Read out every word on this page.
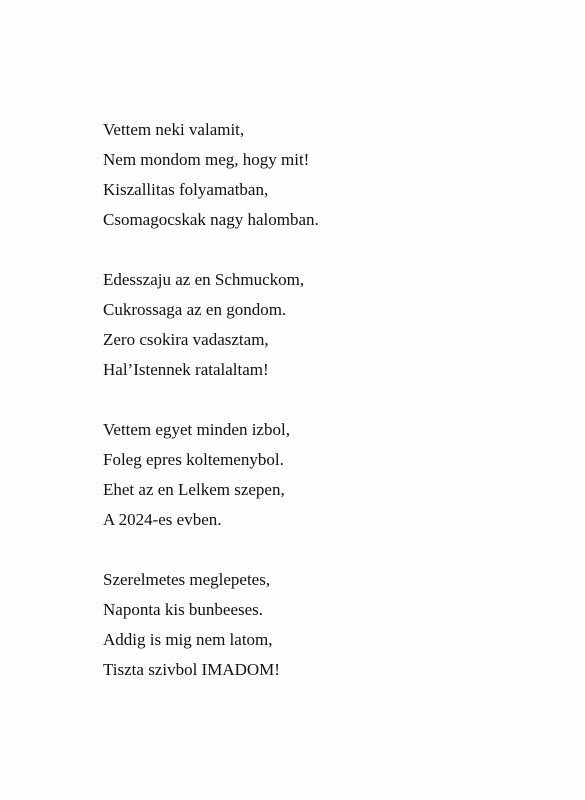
Vettem neki valamit,
Nem mondom meg, hogy mit!
Kiszallitas folyamatban,
Csomagocskak nagy halomban.
Edesszaju az en Schmuckom,
Cukrossaga az en gondom.
Zero csokira vadasztam,
Hal’Istennek ratalaltam!
Vettem egyet minden izbol,
Foleg epres koltemenybol.
Ehet az en Lelkem szepen,
A 2024-es evben.
Szerelmetes meglepetes,
Naponta kis bunbeeses.
Addig is mig nem latom,
Tiszta szivbol IMADOM!
